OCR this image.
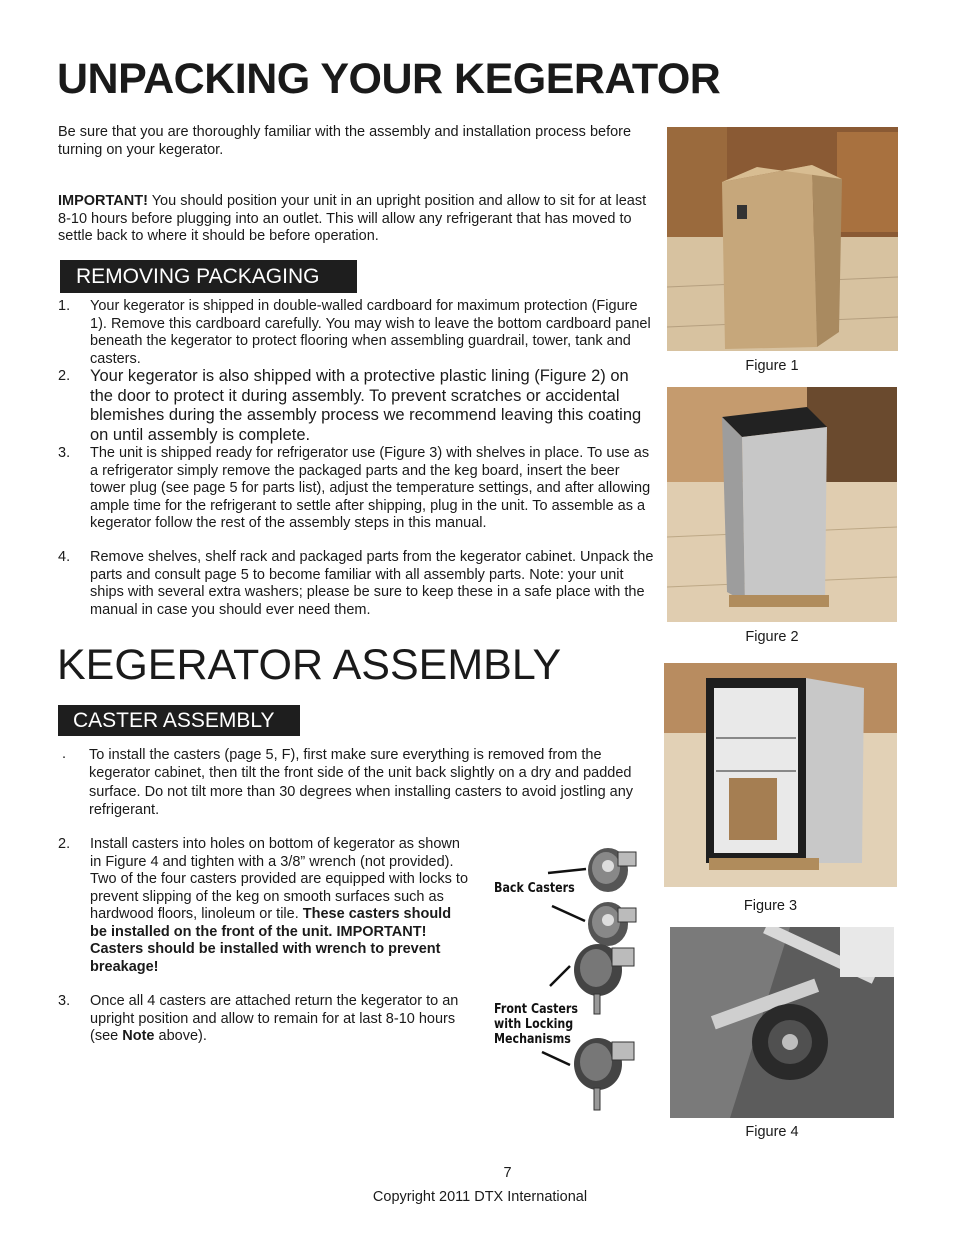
UNPACKING YOUR KEGERATOR
Be sure that you are thoroughly familiar with the assembly and installation process before turning on your kegerator.
IMPORTANT! You should position your unit in an upright position and allow to sit for at least 8-10 hours before plugging into an outlet. This will allow any refrigerant that has moved to settle back to where it should be before operation.
REMOVING PACKAGING
1. Your kegerator is shipped in double-walled cardboard for maximum protection (Figure 1). Remove this cardboard carefully. You may wish to leave the bottom cardboard panel beneath the kegerator to protect flooring when assembling guardrail, tower, tank and casters.
2. Your kegerator is also shipped with a protective plastic lining (Figure 2) on the door to protect it during assembly. To prevent scratches or accidental blemishes during the assembly process we recommend leaving this coating on until assembly is complete.
3. The unit is shipped ready for refrigerator use (Figure 3) with shelves in place. To use as a refrigerator simply remove the packaged parts and the keg board, insert the beer tower plug (see page 5 for parts list), adjust the temperature settings, and after allowing ample time for the refrigerant to settle after shipping, plug in the unit. To assemble as a kegerator follow the rest of the assembly steps in this manual.
4. Remove shelves, shelf rack and packaged parts from the kegerator cabinet. Unpack the parts and consult page 5 to become familiar with all assembly parts. Note: your unit ships with several extra washers; please be sure to keep these in a safe place with the manual in case you should ever need them.
KEGERATOR ASSEMBLY
CASTER ASSEMBLY
. To install the casters (page 5, F), first make sure everything is removed from the kegerator cabinet, then tilt the front side of the unit back slightly on a dry and padded surface. Do not tilt more than 30 degrees when installing casters to avoid jostling any refrigerant.
2. Install casters into holes on bottom of kegerator as shown in Figure 4 and tighten with a 3/8” wrench (not provided). Two of the four casters provided are equipped with locks to prevent slipping of the keg on smooth surfaces such as hardwood floors, linoleum or tile. These casters should be installed on the front of the unit. IMPORTANT! Casters should be installed with wrench to prevent breakage!
3. Once all 4 casters are attached return the kegerator to an upright position and allow to remain for at last 8-10 hours (see Note above).
Back Casters
Front Casters
with Locking
Mechanisms
Figure 1
Figure 2
Figure 3
Figure 4
7
Copyright 2011 DTX International
